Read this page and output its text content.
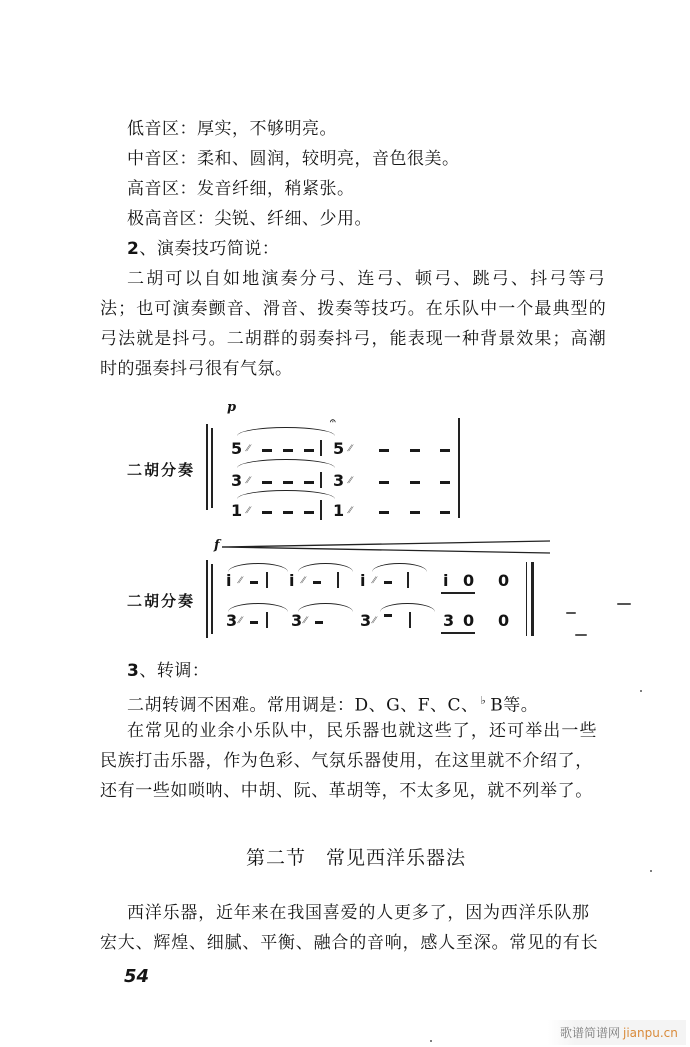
低音区：厚实，不够明亮。
中音区：柔和、圆润，较明亮，音色很美。
高音区：发音纤细，稍紧张。
极高音区：尖锐、纤细、少用。
2、演奏技巧简说：
二胡可以自如地演奏分弓、连弓、顿弓、跳弓、抖弓等弓
法；也可演奏颤音、滑音、拨奏等技巧。在乐队中一个最典型的
弓法就是抖弓。二胡群的弱奏抖弓，能表现一种背景效果；高潮
时的强奏抖弓很有气氛。
p
二胡分奏
𝄐
5 ⫽	5 ⫽
3 ⫽	3 ⫽
1 ⫽	1 ⫽
f
二胡分奏
i ⫽	i ⫽	i ⫽	i 0 0
3 ⫽	3 ⫽	3 ⫽	3 0 0
3、转调：
二胡转调不困难。常用调是：D、G、F、C、 ♭ B等。
在常见的业余小乐队中，民乐器也就这些了，还可举出一些
民族打击乐器，作为色彩、气氛乐器使用，在这里就不介绍了，
还有一些如唢呐、中胡、阮、革胡等，不太多见，就不列举了。
第二节　常见西洋乐器法
西洋乐器，近年来在我国喜爱的人更多了，因为西洋乐队那
宏大、辉煌、细腻、平衡、融合的音响，感人至深。常见的有长
54
歌谱简谱网 jianpu.cn
